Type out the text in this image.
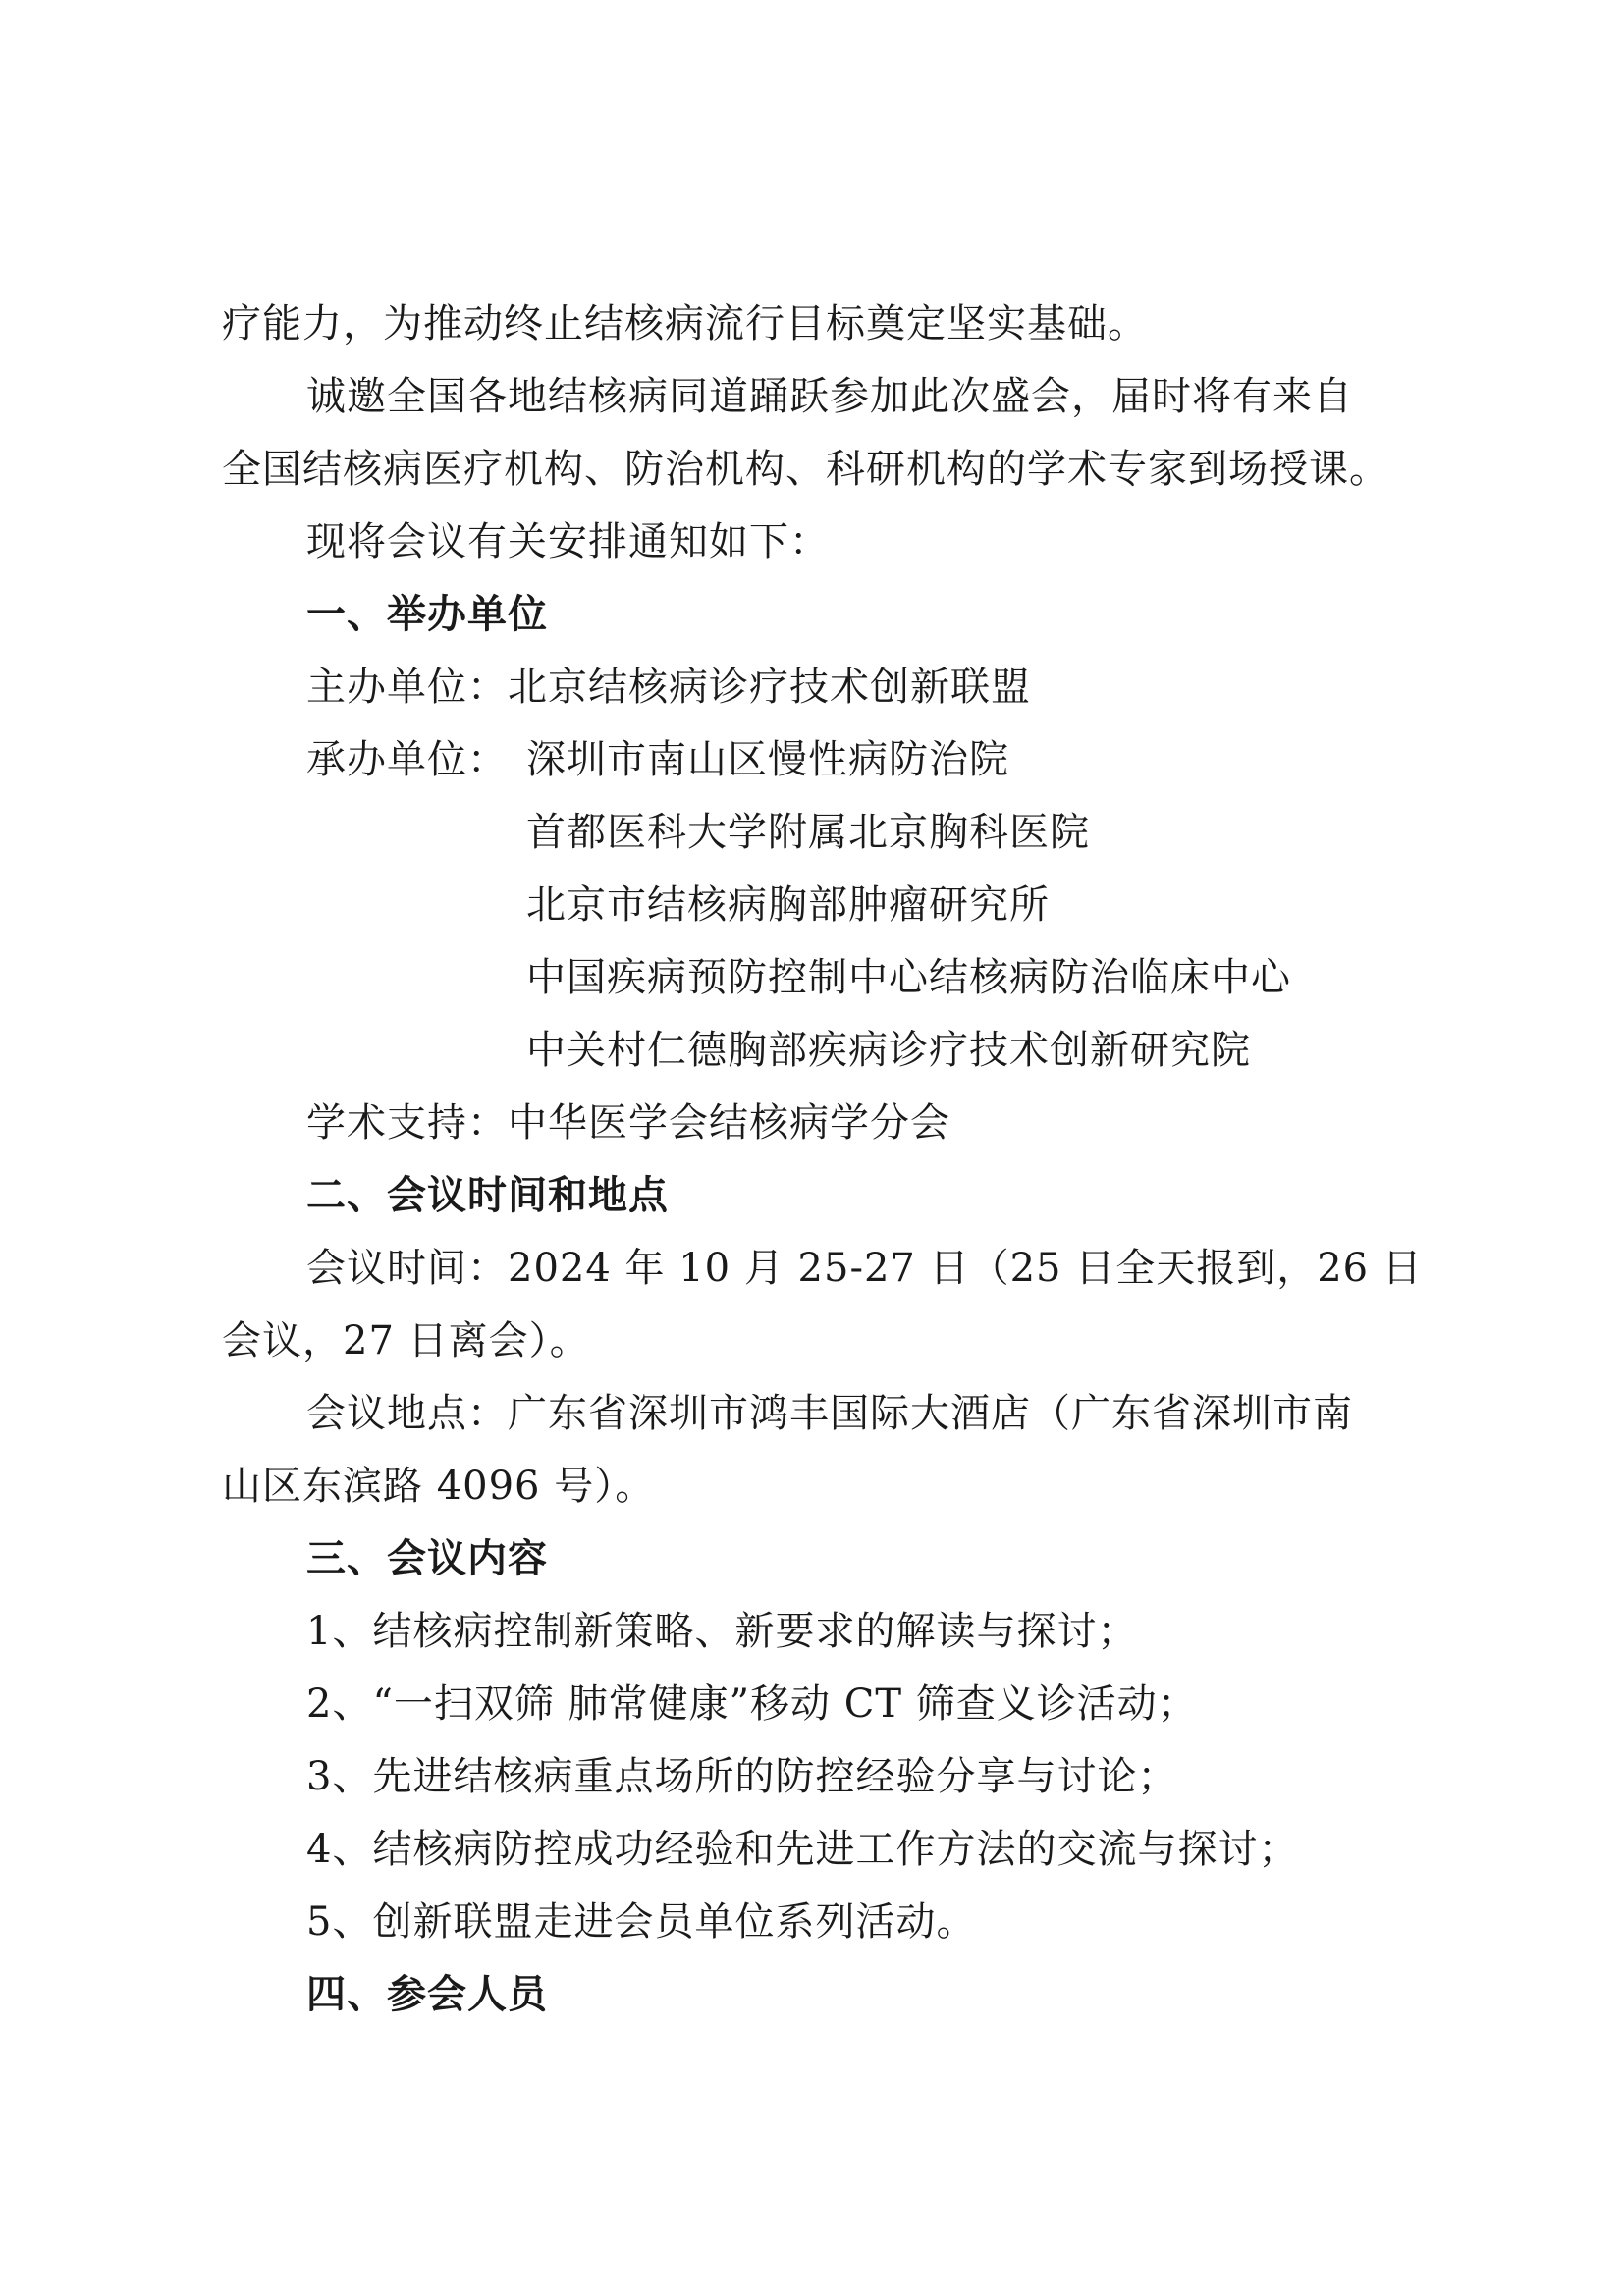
疗能力，为推动终止结核病流行目标奠定坚实基础。
诚邀全国各地结核病同道踊跃参加此次盛会，届时将有来自
全国结核病医疗机构、防治机构、科研机构的学术专家到场授课。
现将会议有关安排通知如下：
一、举办单位
主办单位：北京结核病诊疗技术创新联盟
承办单位： 深圳市南山区慢性病防治院
首都医科大学附属北京胸科医院
北京市结核病胸部肿瘤研究所
中国疾病预防控制中心结核病防治临床中心
中关村仁德胸部疾病诊疗技术创新研究院
学术支持：中华医学会结核病学分会
二、会议时间和地点
会议时间：2024 年 10 月 25-27 日（25 日全天报到，26 日
会议，27 日离会）。
会议地点：广东省深圳市鸿丰国际大酒店（广东省深圳市南
山区东滨路 4096 号）。
三、会议内容
1、结核病控制新策略、新要求的解读与探讨；
2、“一扫双筛 肺常健康”移动 CT 筛查义诊活动；
3、先进结核病重点场所的防控经验分享与讨论；
4、结核病防控成功经验和先进工作方法的交流与探讨；
5、创新联盟走进会员单位系列活动。
四、参会人员
